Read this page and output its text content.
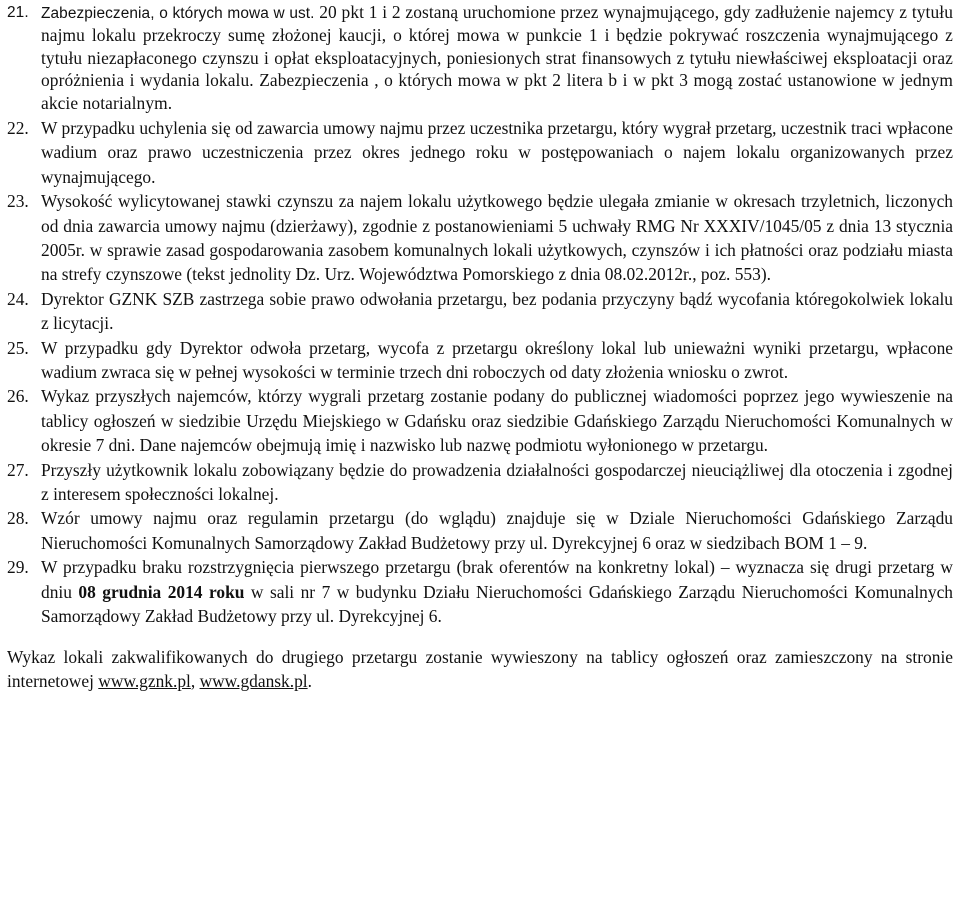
21. Zabezpieczenia, o których mowa w ust. 20 pkt 1 i 2 zostaną uruchomione przez wynajmującego, gdy zadłużenie najemcy z tytułu najmu lokalu przekroczy sumę złożonej kaucji, o której mowa w punkcie 1 i będzie pokrywać roszczenia wynajmującego z tytułu niezapłaconego czynszu i opłat eksploatacyjnych, poniesionych strat finansowych z tytułu niewłaściwej eksploatacji oraz opróżnienia i wydania lokalu. Zabezpieczenia , o których mowa w pkt 2 litera b i w pkt 3 mogą zostać ustanowione w jednym akcie notarialnym.

22. W przypadku uchylenia się od zawarcia umowy najmu przez uczestnika przetargu, który wygrał przetarg, uczestnik traci wpłacone wadium oraz prawo uczestniczenia przez okres jednego roku w postępowaniach o najem lokalu organizowanych przez wynajmującego.

23. Wysokość wylicytowanej stawki czynszu za najem lokalu użytkowego będzie ulegała zmianie w okresach trzyletnich, liczonych od dnia zawarcia umowy najmu (dzierżawy), zgodnie z postanowieniami 5 uchwały RMG Nr XXXIV/1045/05 z dnia 13 stycznia 2005r. w sprawie zasad gospodarowania zasobem komunalnych lokali użytkowych, czynszów i ich płatności oraz podziału miasta na strefy czynszowe (tekst jednolity Dz. Urz. Województwa Pomorskiego z dnia 08.02.2012r., poz. 553).

24. Dyrektor GZNK SZB zastrzega sobie prawo odwołania przetargu, bez podania przyczyny bądź wycofania któregokolwiek lokalu z licytacji.

25. W przypadku gdy Dyrektor odwoła przetarg, wycofa z przetargu określony lokal lub unieważni wyniki przetargu, wpłacone wadium zwraca się w pełnej wysokości w terminie trzech dni roboczych od daty złożenia wniosku o zwrot.

26. Wykaz przyszłych najemców, którzy wygrali przetarg zostanie podany do publicznej wiadomości poprzez jego wywieszenie na tablicy ogłoszeń w siedzibie Urzędu Miejskiego w Gdańsku oraz siedzibie Gdańskiego Zarządu Nieruchomości Komunalnych w okresie 7 dni. Dane najemców obejmują imię i nazwisko lub nazwę podmiotu wyłonionego w przetargu.

27. Przyszły użytkownik lokalu zobowiązany będzie do prowadzenia działalności gospodarczej nieuciążliwej dla otoczenia i zgodnej z interesem społeczności lokalnej.

28. Wzór umowy najmu oraz regulamin przetargu (do wglądu) znajduje się w Dziale Nieruchomości Gdańskiego Zarządu Nieruchomości Komunalnych Samorządowy Zakład Budżetowy przy ul. Dyrekcyjnej 6 oraz w siedzibach BOM 1 – 9.

29. W przypadku braku rozstrzygnięcia pierwszego przetargu (brak oferentów na konkretny lokal) – wyznacza się drugi przetarg w dniu 08 grudnia 2014 roku w sali nr 7 w budynku Działu Nieruchomości Gdańskiego Zarządu Nieruchomości Komunalnych Samorządowy Zakład Budżetowy przy ul. Dyrekcyjnej 6.

Wykaz lokali zakwalifikowanych do drugiego przetargu zostanie wywieszony na tablicy ogłoszeń oraz zamieszczony na stronie internetowej www.gznk.pl, www.gdansk.pl.
